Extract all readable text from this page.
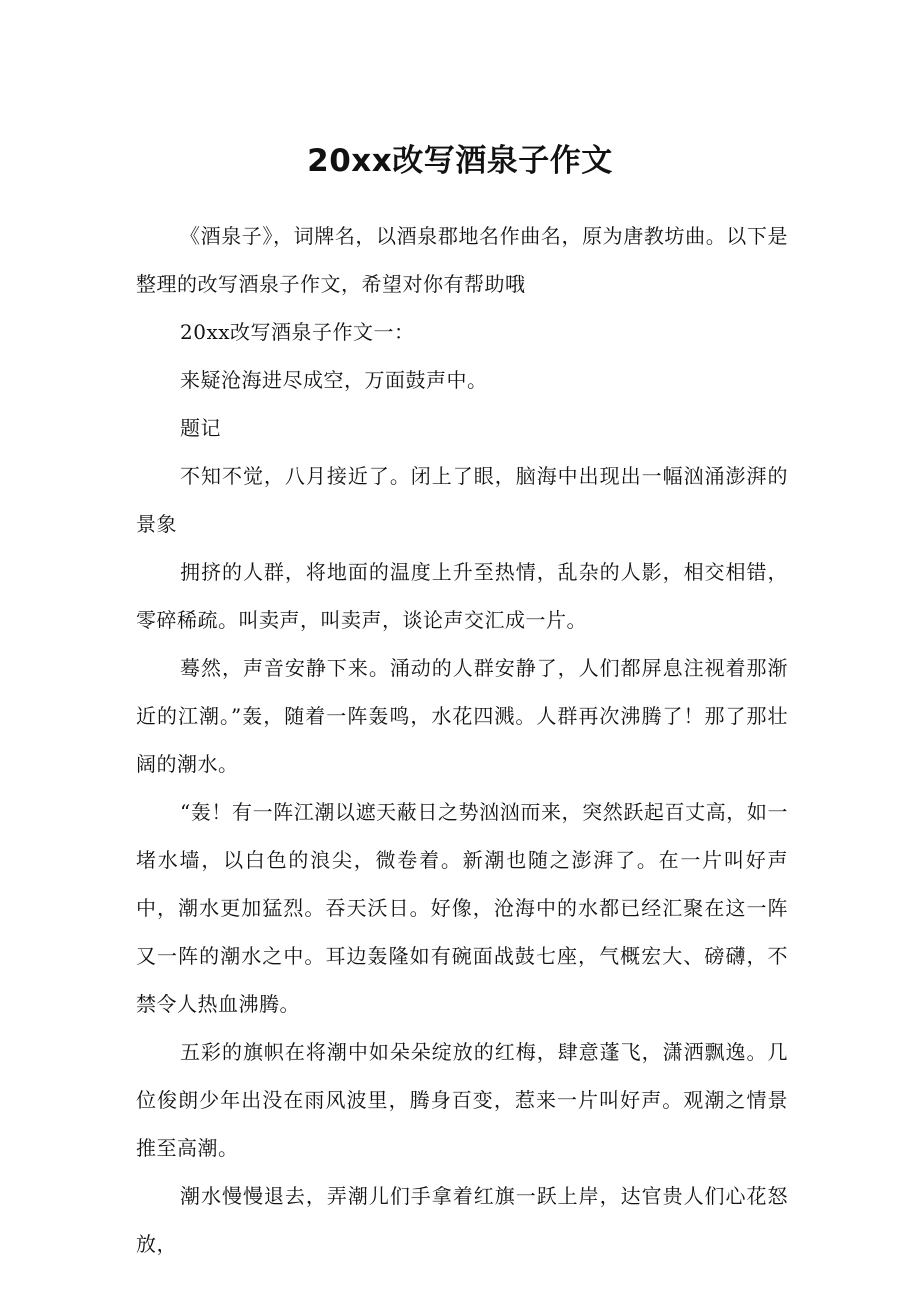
20xx改写酒泉子作文

《酒泉子》，词牌名，以酒泉郡地名作曲名，原为唐教坊曲。以下是整理的改写酒泉子作文，希望对你有帮助哦

20xx改写酒泉子作文一：

来疑沧海进尽成空，万面鼓声中。

题记

不知不觉，八月接近了。闭上了眼，脑海中出现出一幅汹涌澎湃的景象

拥挤的人群，将地面的温度上升至热情，乱杂的人影，相交相错，零碎稀疏。叫卖声，叫卖声，谈论声交汇成一片。

蓦然，声音安静下来。涌动的人群安静了，人们都屏息注视着那渐近的江潮。”轰，随着一阵轰鸣，水花四溅。人群再次沸腾了！那了那壮阔的潮水。

“轰！有一阵江潮以遮天蔽日之势汹汹而来，突然跃起百丈高，如一堵水墙，以白色的浪尖，微卷着。新潮也随之澎湃了。在一片叫好声中，潮水更加猛烈。吞天沃日。好像，沧海中的水都已经汇聚在这一阵又一阵的潮水之中。耳边轰隆如有碗面战鼓七座，气概宏大、磅礴，不禁令人热血沸腾。

五彩的旗帜在将潮中如朵朵绽放的红梅，肆意蓬飞，潇洒飘逸。几位俊朗少年出没在雨风波里，腾身百变，惹来一片叫好声。观潮之情景推至高潮。

潮水慢慢退去，弄潮儿们手拿着红旗一跃上岸，达官贵人们心花怒放，
